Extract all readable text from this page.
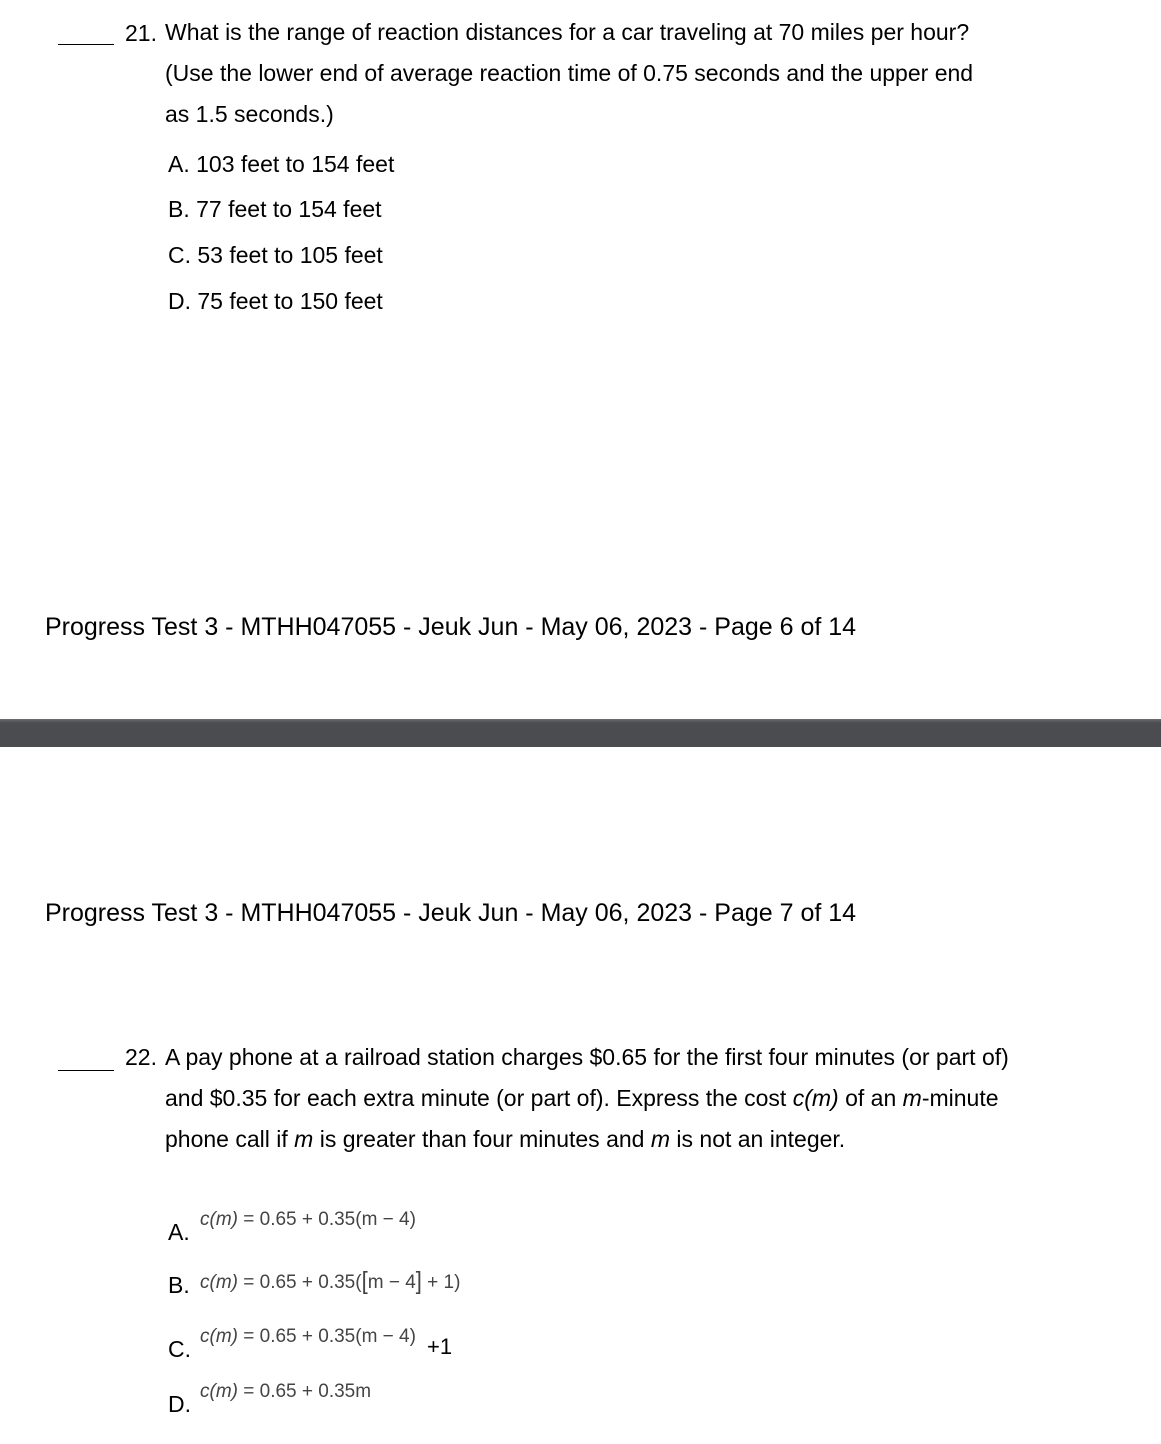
21. What is the range of reaction distances for a car traveling at 70 miles per hour? (Use the lower end of average reaction time of 0.75 seconds and the upper end as 1.5 seconds.)
A. 103 feet to 154 feet
B. 77 feet to 154 feet
C. 53 feet to 105 feet
D. 75 feet to 150 feet
Progress Test 3 - MTHH047055 - Jeuk Jun - May 06, 2023 - Page 6 of 14
Progress Test 3 - MTHH047055 - Jeuk Jun - May 06, 2023 - Page 7 of 14
22. A pay phone at a railroad station charges $0.65 for the first four minutes (or part of) and $0.35 for each extra minute (or part of). Express the cost c(m) of an m-minute phone call if m is greater than four minutes and m is not an integer.
A. c(m) = 0.65 + 0.35(m − 4)
B. c(m) = 0.65 + 0.35([m − 4] + 1)
C. c(m) = 0.65 + 0.35(m − 4) +1
D. c(m) = 0.65 + 0.35m
